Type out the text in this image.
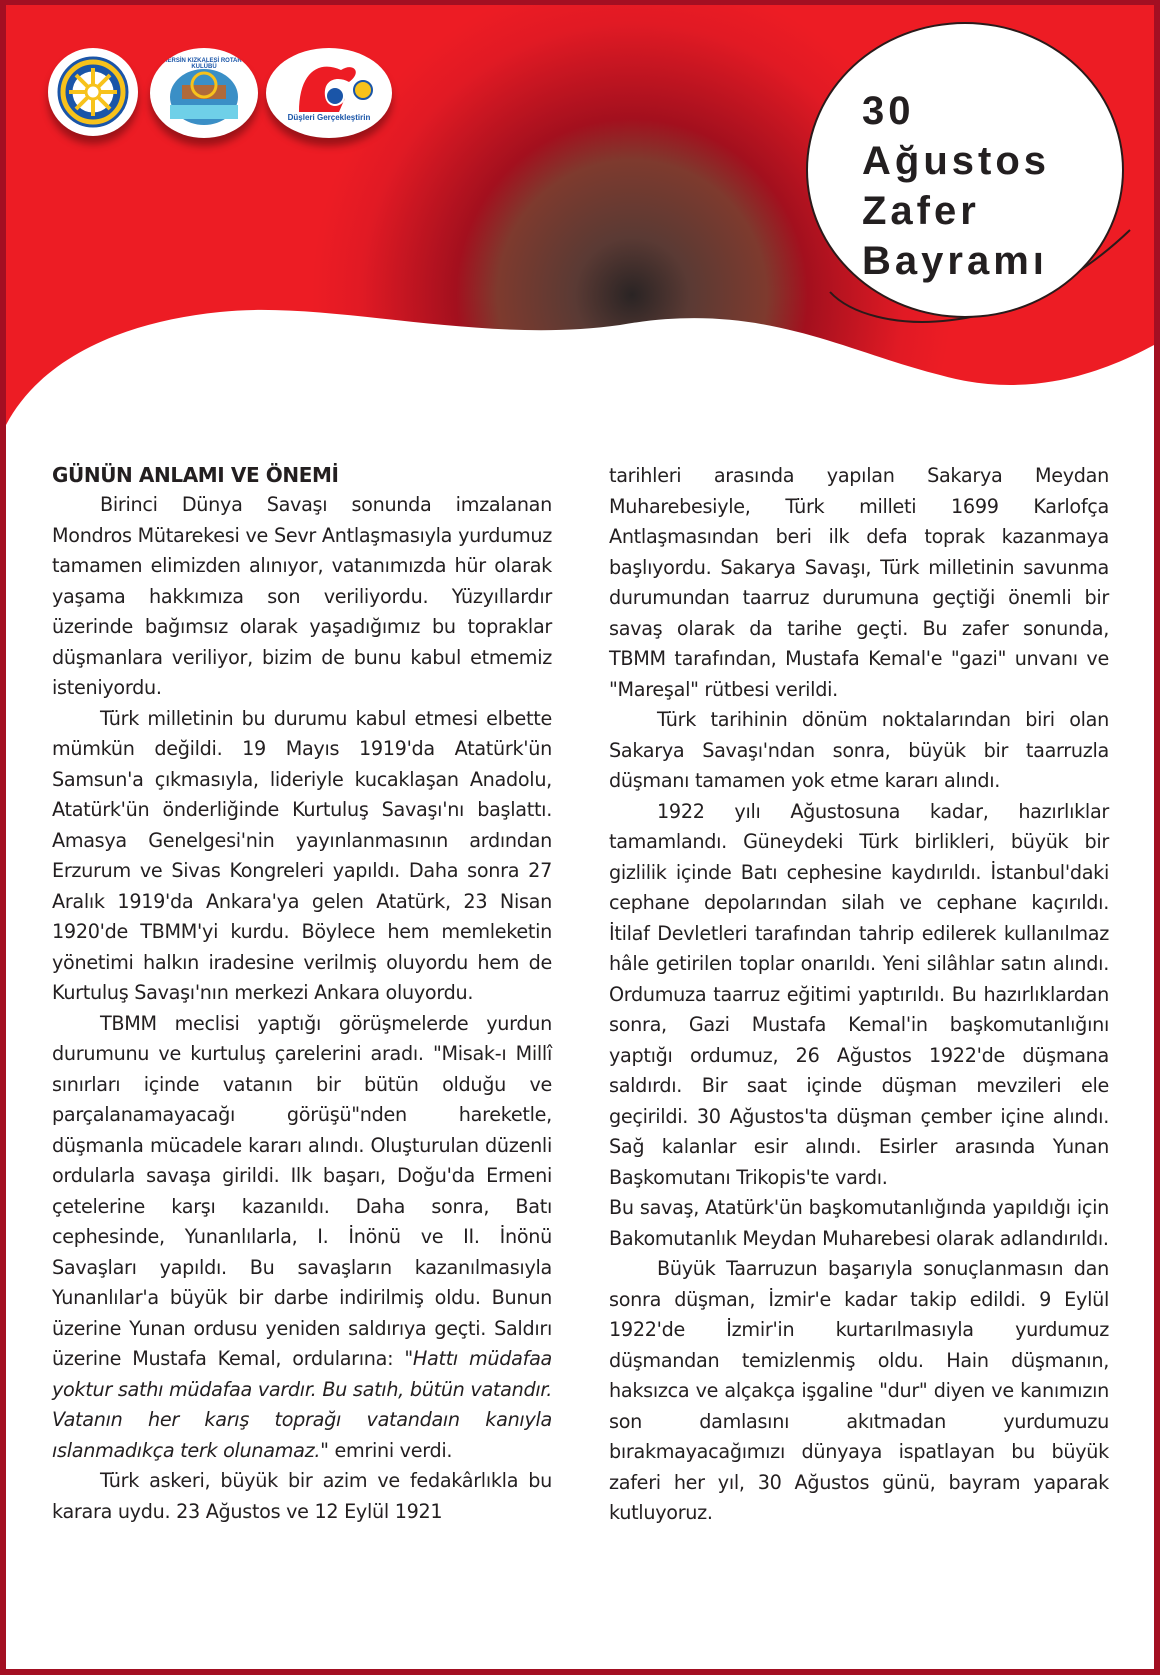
MERSİN KIZKALESİ ROTARY KULÜBÜ
Düşleri Gerçekleştirin	30
Ağustos
Zafer
Bayramı
GÜNÜN ANLAMI VE ÖNEMİ

Birinci Dünya Savaşı sonunda imzalanan Mondros Mütarekesi ve Sevr Antlaşmasıyla yurdumuz tamamen elimizden alınıyor, vatanımızda hür olarak yaşama hakkımıza son veriliyordu. Yüzyıllardır üzerinde bağımsız olarak yaşadığımız bu topraklar düşmanlara veriliyor, bizim de bunu kabul etmemiz isteniyordu.

Türk milletinin bu durumu kabul etmesi elbette mümkün değildi. 19 Mayıs 1919'da Atatürk'ün Samsun'a çıkmasıyla, lideriyle kucaklaşan Anadolu, Atatürk'ün önderliğinde Kurtuluş Savaşı'nı başlattı. Amasya Genelgesi'nin yayınlanmasının ardından Erzurum ve Sivas Kongreleri yapıldı. Daha sonra 27 Aralık 1919'da Ankara'ya gelen Atatürk, 23 Nisan 1920'de TBMM'yi kurdu. Böylece hem memleketin yönetimi halkın iradesine verilmiş oluyordu hem de Kurtuluş Savaşı'nın merkezi Ankara oluyordu.

TBMM meclisi yaptığı görüşmelerde yurdun durumunu ve kurtuluş çarelerini aradı. "Misak-ı Millî sınırları içinde vatanın bir bütün olduğu ve parçalanamayacağı görüşü"nden hareketle, düşmanla mücadele kararı alındı. Oluşturulan düzenli ordularla savaşa girildi. Ilk başarı, Doğu'da Ermeni çetelerine karşı kazanıldı. Daha sonra, Batı cephesinde, Yunanlılarla, I. İnönü ve II. İnönü Savaşları yapıldı. Bu savaşların kazanılmasıyla Yunanlılar'a büyük bir darbe indirilmiş oldu. Bunun üzerine Yunan ordusu yeniden saldırıya geçti. Saldırı üzerine Mustafa Kemal, ordularına: "Hattı müdafaa yoktur sathı müdafaa vardır. Bu satıh, bütün vatandır. Vatanın her karış toprağı vatandaın kanıyla ıslanmadıkça terk olunamaz." emrini verdi.

Türk askeri, büyük bir azim ve fedakârlıkla bu karara uydu. 23 Ağustos ve 12 Eylül 1921

tarihleri arasında yapılan Sakarya Meydan Muharebesiyle, Türk milleti 1699 Karlofça Antlaşmasından beri ilk defa toprak kazanmaya başlıyordu. Sakarya Savaşı, Türk milletinin savunma durumundan taarruz durumuna geçtiği önemli bir savaş olarak da tarihe geçti. Bu zafer sonunda, TBMM tarafından, Mustafa Kemal'e "gazi" unvanı ve "Mareşal" rütbesi verildi.

Türk tarihinin dönüm noktalarından biri olan Sakarya Savaşı'ndan sonra, büyük bir taarruzla düşmanı tamamen yok etme kararı alındı.

1922 yılı Ağustosuna kadar, hazırlıklar tamamlandı. Güneydeki Türk birlikleri, büyük bir gizlilik içinde Batı cephesine kaydırıldı. İstanbul'daki cephane depolarından silah ve cephane kaçırıldı. İtilaf Devletleri tarafından tahrip edilerek kullanılmaz hâle getirilen toplar onarıldı. Yeni silâhlar satın alındı. Ordumuza taarruz eğitimi yaptırıldı. Bu hazırlıklardan sonra, Gazi Mustafa Kemal'in başkomutanlığını yaptığı ordumuz, 26 Ağustos 1922'de düşmana saldırdı. Bir saat içinde düşman mevzileri ele geçirildi. 30 Ağustos'ta düşman çember içine alındı. Sağ kalanlar esir alındı. Esirler arasında Yunan Başkomutanı Trikopis'te vardı.

Bu savaş, Atatürk'ün başkomutanlığında yapıldığı için Bakomutanlık Meydan Muharebesi olarak adlandırıldı.

Büyük Taarruzun başarıyla sonuçlanmasın dan sonra düşman, İzmir'e kadar takip edildi. 9 Eylül 1922'de İzmir'in kurtarılmasıyla yurdumuz düşmandan temizlenmiş oldu. Hain düşmanın, haksızca ve alçakça işgaline "dur" diyen ve kanımızın son damlasını akıtmadan yurdumuzu bırakmayacağımızı dünyaya ispatlayan bu büyük zaferi her yıl, 30 Ağustos günü, bayram yaparak kutluyoruz.
